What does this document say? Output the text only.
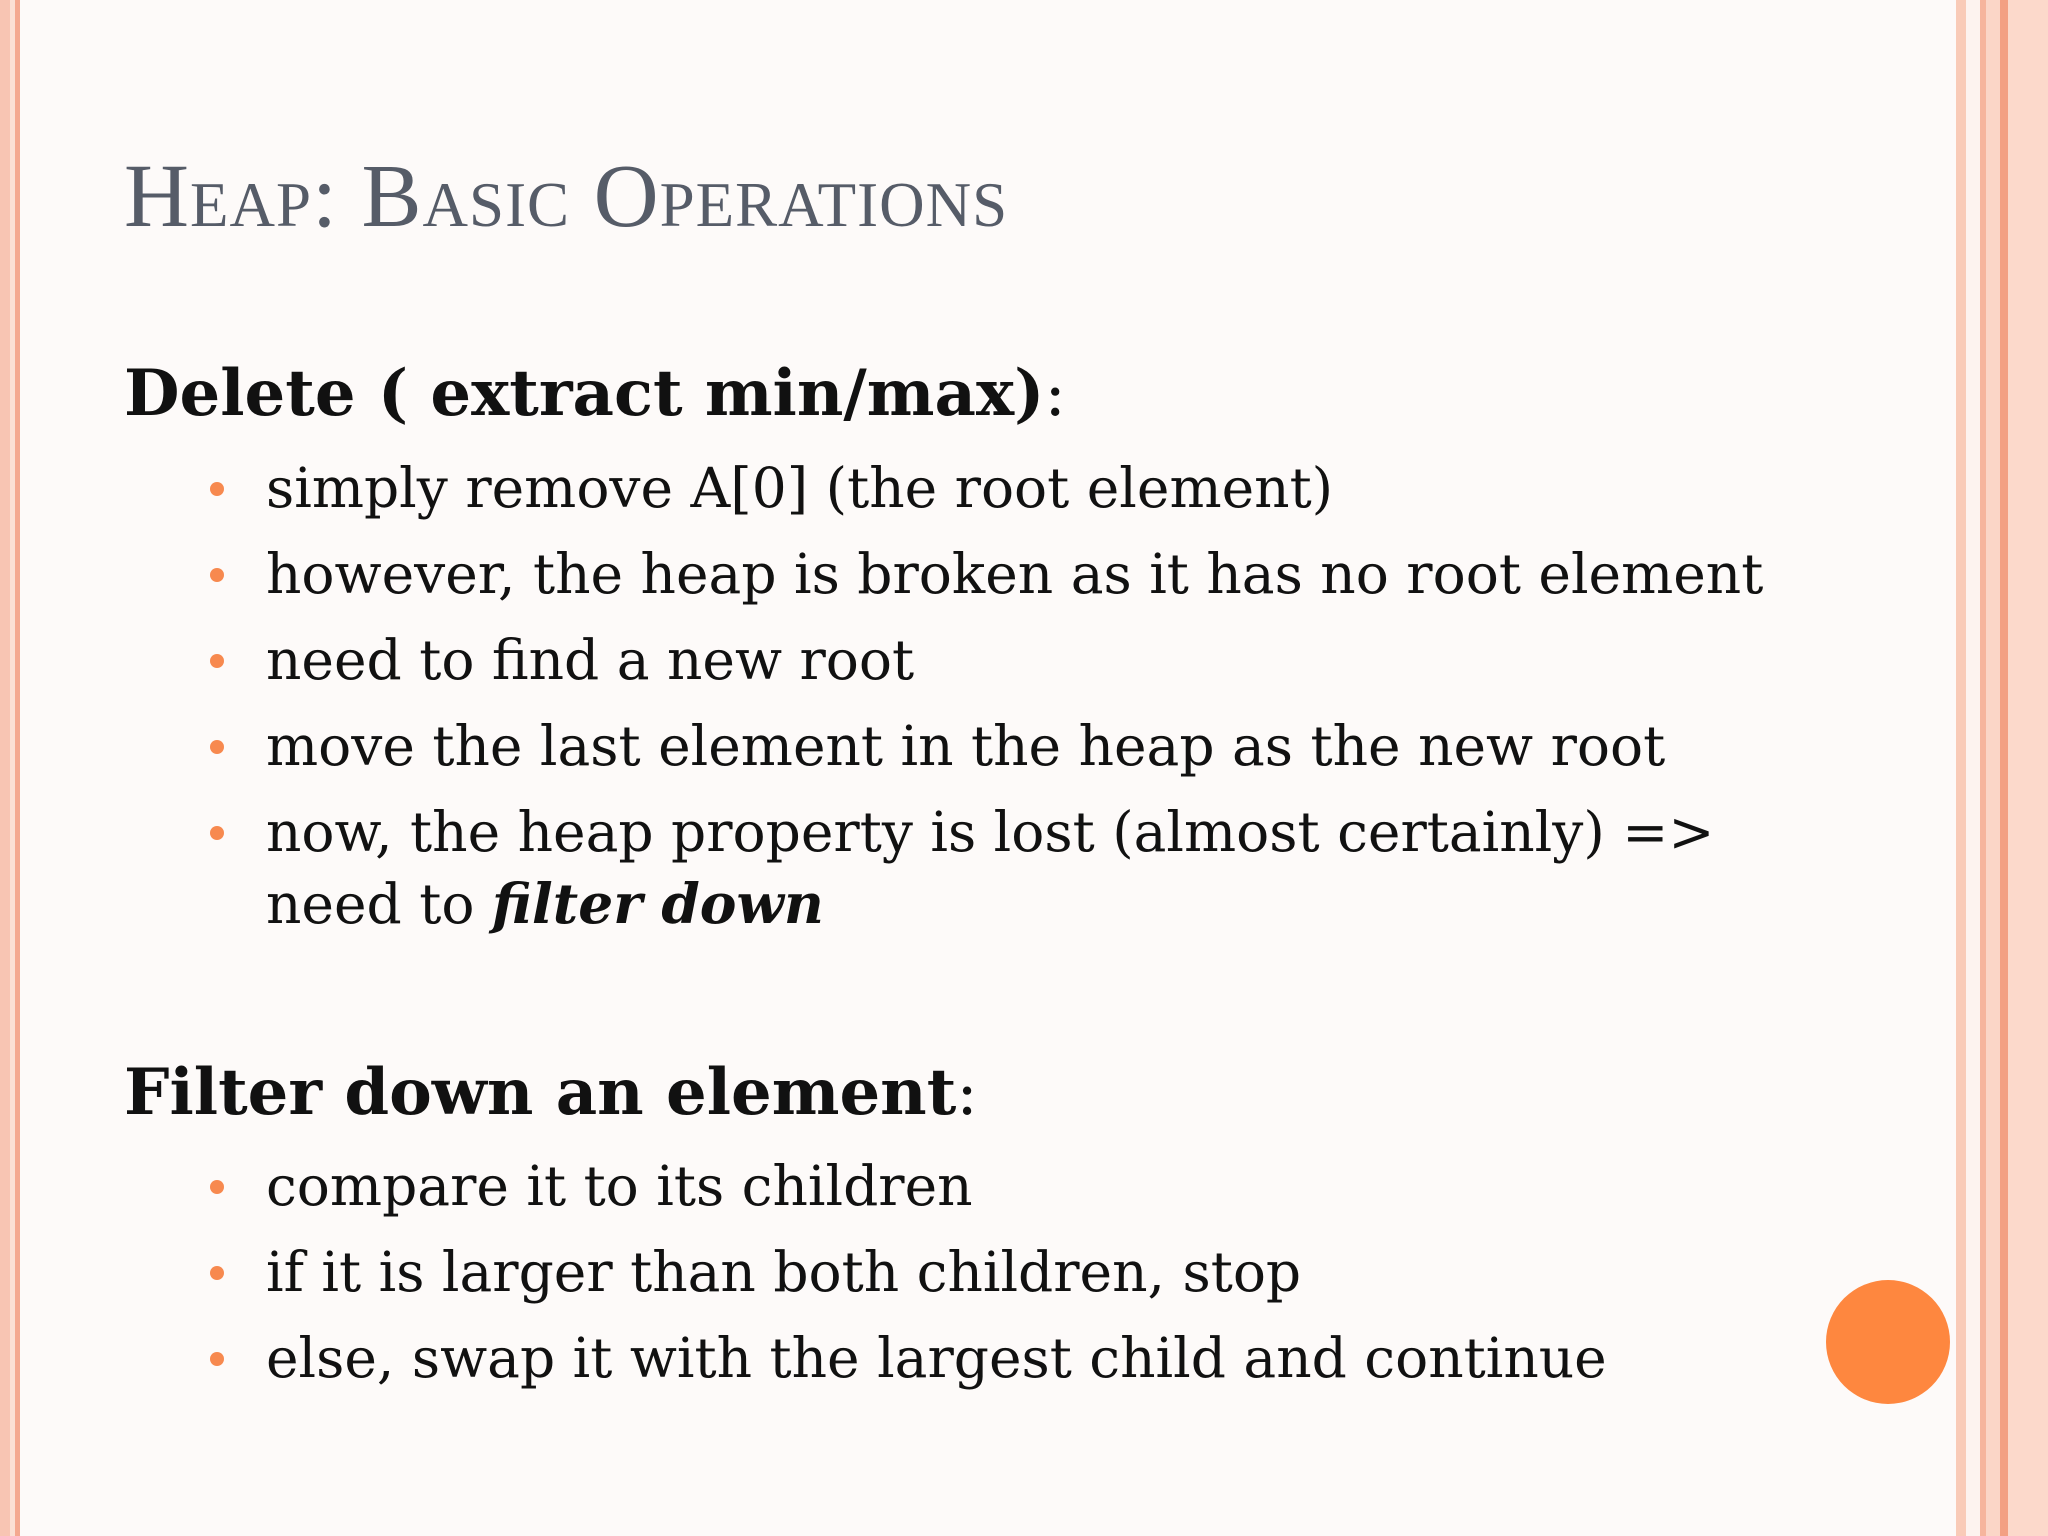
Heap: Basic Operations
Delete ( extract min/max):
simply remove A[0] (the root element)
however, the heap is broken as it has no root element
need to find a new root
move the last element in the heap as the new root
now, the heap property is lost (almost certainly) =>
need to filter down
Filter down an element:
compare it to its children
if it is larger than both children, stop
else, swap it with the largest child and continue
